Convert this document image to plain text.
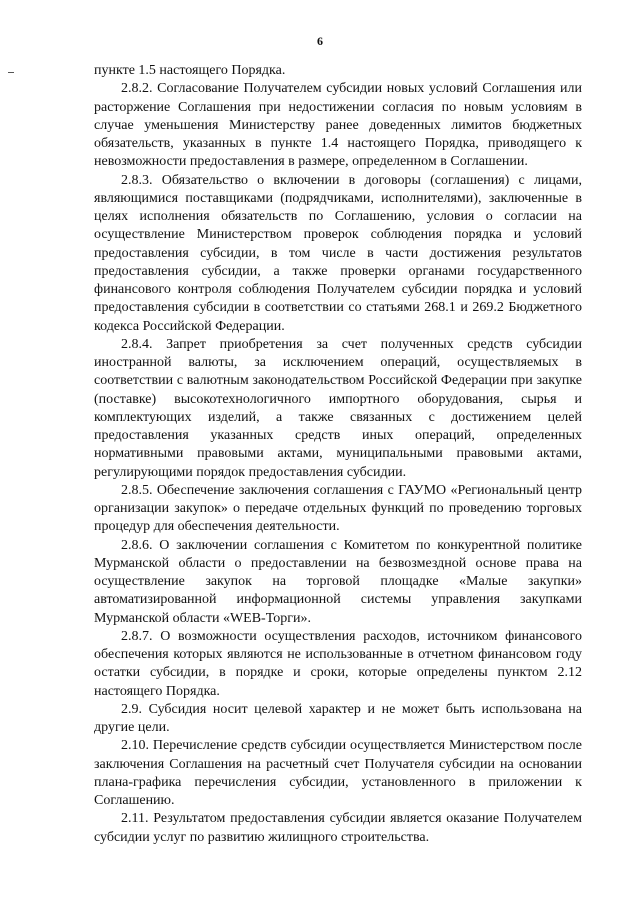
6

пункте 1.5 настоящего Порядка.

2.8.2. Согласование Получателем субсидии новых условий Соглашения или расторжение Соглашения при недостижении согласия по новым условиям в случае уменьшения Министерству ранее доведенных лимитов бюджетных обязательств, указанных в пункте 1.4 настоящего Порядка, приводящего к невозможности предоставления в размере, определенном в Соглашении.

2.8.3. Обязательство о включении в договоры (соглашения) с лицами, являющимися поставщиками (подрядчиками, исполнителями), заключенные в целях исполнения обязательств по Соглашению, условия о согласии на осуществление Министерством проверок соблюдения порядка и условий предоставления субсидии, в том числе в части достижения результатов предоставления субсидии, а также проверки органами государственного финансового контроля соблюдения Получателем субсидии порядка и условий предоставления субсидии в соответствии со статьями 268.1 и 269.2 Бюджетного кодекса Российской Федерации.

2.8.4. Запрет приобретения за счет полученных средств субсидии иностранной валюты, за исключением операций, осуществляемых в соответствии с валютным законодательством Российской Федерации при закупке (поставке) высокотехнологичного импортного оборудования, сырья и комплектующих изделий, а также связанных с достижением целей предоставления указанных средств иных операций, определенных нормативными правовыми актами, муниципальными правовыми актами, регулирующими порядок предоставления субсидии.

2.8.5. Обеспечение заключения соглашения с ГАУМО «Региональный центр организации закупок» о передаче отдельных функций по проведению торговых процедур для обеспечения деятельности.

2.8.6. О заключении соглашения с Комитетом по конкурентной политике Мурманской области о предоставлении на безвозмездной основе права на осуществление закупок на торговой площадке «Малые закупки» автоматизированной информационной системы управления закупками Мурманской области «WEB-Торги».

2.8.7. О возможности осуществления расходов, источником финансового обеспечения которых являются не использованные в отчетном финансовом году остатки субсидии, в порядке и сроки, которые определены пунктом 2.12 настоящего Порядка.

2.9. Субсидия носит целевой характер и не может быть использована на другие цели.

2.10. Перечисление средств субсидии осуществляется Министерством после заключения Соглашения на расчетный счет Получателя субсидии на основании плана-графика перечисления субсидии, установленного в приложении к Соглашению.

2.11. Результатом предоставления субсидии является оказание Получателем субсидии услуг по развитию жилищного строительства.
